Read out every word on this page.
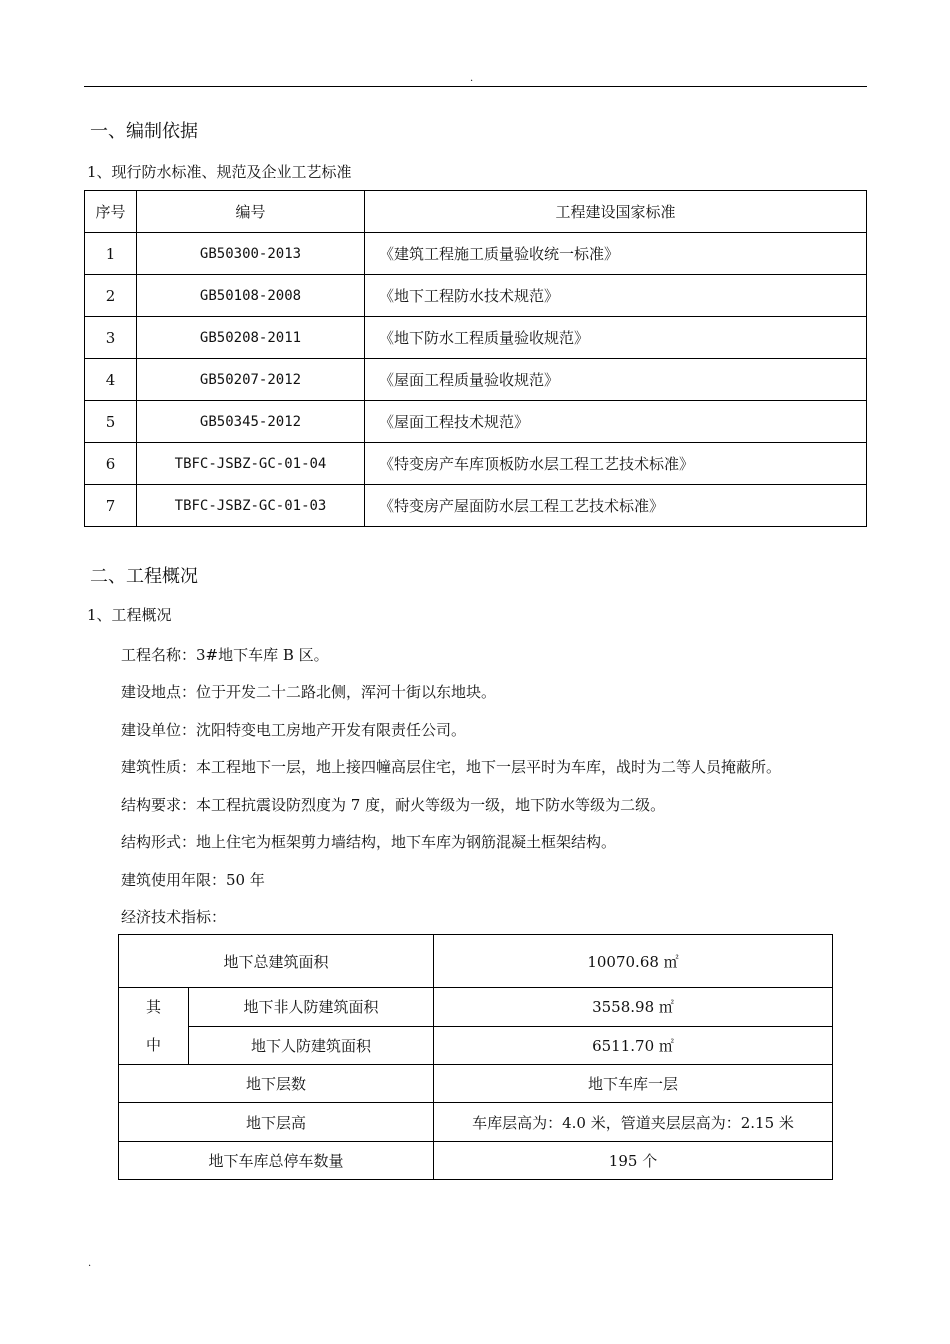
.
一、编制依据
1、现行防水标准、规范及企业工艺标准
序号	编号	工程建设国家标准
1	GB50300-2013	《建筑工程施工质量验收统一标准》
2	GB50108-2008	《地下工程防水技术规范》
3	GB50208-2011	《地下防水工程质量验收规范》
4	GB50207-2012	《屋面工程质量验收规范》
5	GB50345-2012	《屋面工程技术规范》
6	TBFC-JSBZ-GC-01-04	《特变房产车库顶板防水层工程工艺技术标准》
7	TBFC-JSBZ-GC-01-03	《特变房产屋面防水层工程工艺技术标准》
二、工程概况
1、工程概况
工程名称：3#地下车库 B 区。
建设地点：位于开发二十二路北侧，浑河十街以东地块。
建设单位：沈阳特变电工房地产开发有限责任公司。
建筑性质：本工程地下一层，地上接四幢高层住宅，地下一层平时为车库，战时为二等人员掩蔽所。
结构要求：本工程抗震设防烈度为 7 度，耐火等级为一级，地下防水等级为二级。
结构形式：地上住宅为框架剪力墙结构，地下车库为钢筋混凝土框架结构。
建筑使用年限：50 年
经济技术指标：
地下总建筑面积		10070.68 ㎡
其
中	地下非人防建筑面积	3558.98 ㎡
	地下人防建筑面积	6511.70 ㎡
地下层数		地下车库一层
地下层高		车库层高为：4.0 米，管道夹层层高为：2.15 米
地下车库总停车数量		195 个
.
